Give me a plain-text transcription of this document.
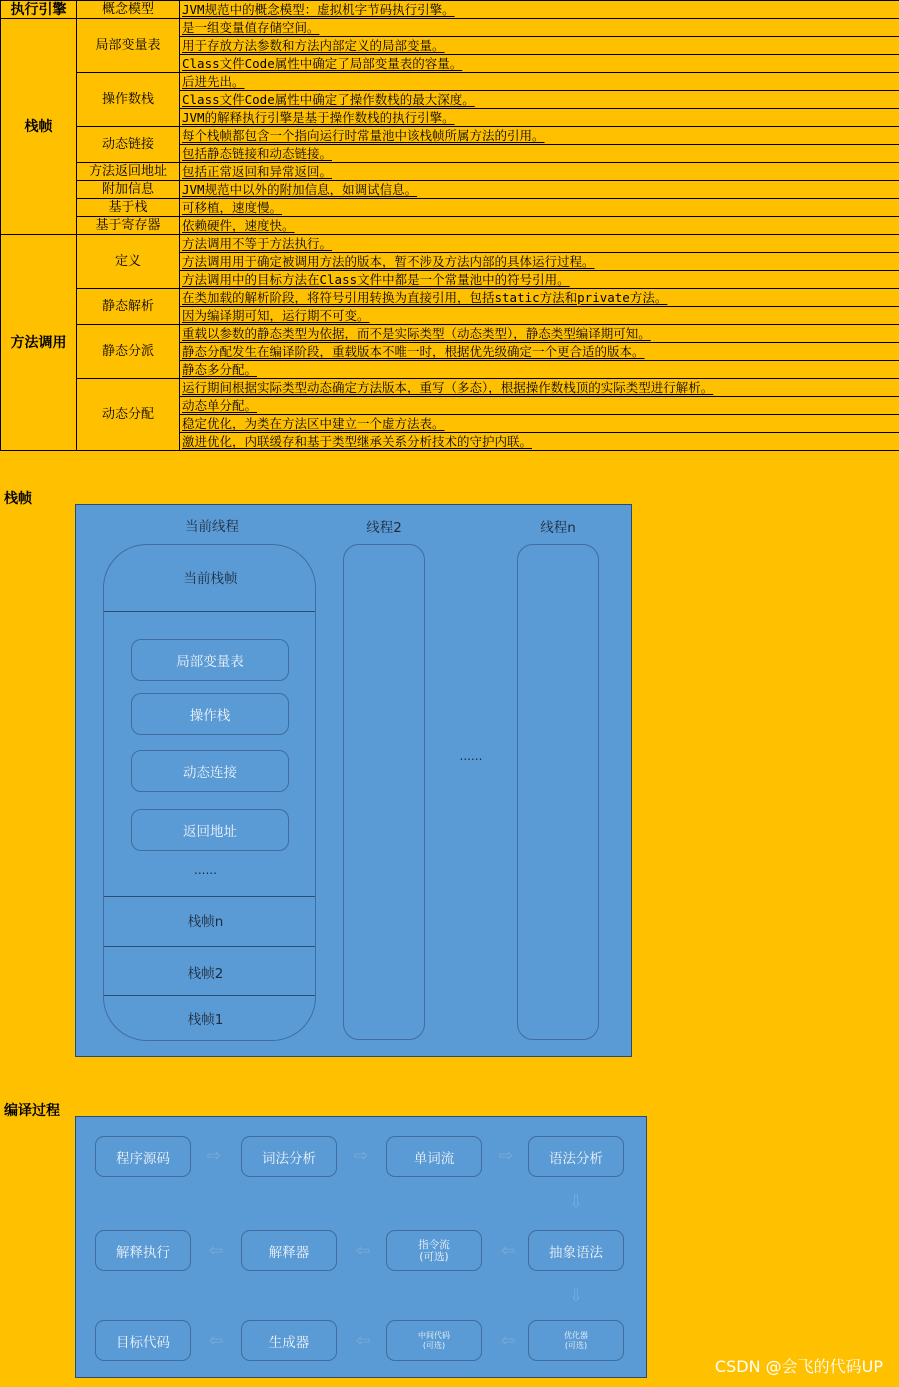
执行引擎	概念模型	JVM规范中的概念模型：虚拟机字节码执行引擎。
栈帧	局部变量表	是一组变量值存储空间。
		用于存放方法参数和方法内部定义的局部变量。
		Class文件Code属性中确定了局部变量表的容量。
	操作数栈	后进先出。
		Class文件Code属性中确定了操作数栈的最大深度。
		JVM的解释执行引擎是基于操作数栈的执行引擎。
	动态链接	每个栈帧都包含一个指向运行时常量池中该栈帧所属方法的引用。
		包括静态链接和动态链接。
	方法返回地址	包括正常返回和异常返回。
	附加信息	JVM规范中以外的附加信息，如调试信息。
	基于栈	可移植，速度慢。
	基于寄存器	依赖硬件，速度快。
方法调用	定义	方法调用不等于方法执行。
		方法调用用于确定被调用方法的版本，暂不涉及方法内部的具体运行过程。
		方法调用中的目标方法在Class文件中都是一个常量池中的符号引用。
	静态解析	在类加载的解析阶段，将符号引用转换为直接引用，包括static方法和private方法。
		因为编译期可知，运行期不可变。
	静态分派	重载以参数的静态类型为依据，而不是实际类型（动态类型），静态类型编译期可知。
		静态分配发生在编译阶段，重载版本不唯一时，根据优先级确定一个更合适的版本。
		静态多分配。
	动态分配	运行期间根据实际类型动态确定方法版本，重写（多态），根据操作数栈顶的实际类型进行解析。
		动态单分配。
		稳定优化，为类在方法区中建立一个虚方法表。
		激进优化，内联缓存和基于类型继承关系分析技术的守护内联。
栈帧
当前线程	线程2	线程n
当前栈帧
局部变量表
操作栈
动态连接
返回地址
......
栈帧n
栈帧2
栈帧1
......
编译过程
程序源码 ⇨	词法分析 ⇨	单词流	⇨	语法分析
⇩
解释执行 ⇦	解释器	⇦	指令流
(可选)	⇦	抽象语法
⇩
目标代码 ⇦	生成器	⇦	中间代码
(可选)	⇦	优化器
(可选)
CSDN @会飞的代码UP
